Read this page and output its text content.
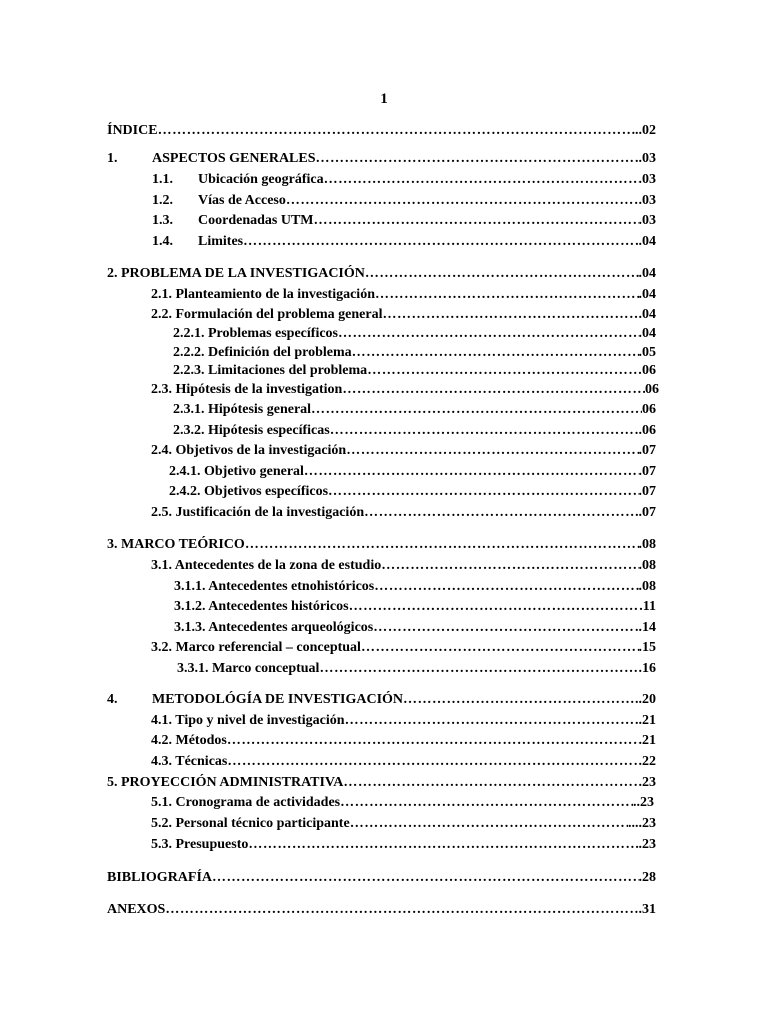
1
ÍNDICE …………………………………………………………………………………………………………………………………………………………………………………………………	..02
1.	ASPECTOS GENERALES …………………………………………………………………………………………………………………………………………………………………………………………………	..03
1.1.	Ubicación geográfica …………………………………………………………………………………………………………………………………………………………………………………………………	.03
1.2.	Vías de Acceso …………………………………………………………………………………………………………………………………………………………………………………………………	.03
1.3.	Coordenadas UTM …………………………………………………………………………………………………………………………………………………………………………………………………	.03
1.4.	Limites …………………………………………………………………………………………………………………………………………………………………………………………………	.04
2. PROBLEMA DE LA INVESTIGACIÓN …………………………………………………………………………………………………………………………………………………………………………………………………	.04
2.1. Planteamiento de la investigación …………………………………………………………………………………………………………………………………………………………………………………………………	.04
2.2. Formulación del problema general …………………………………………………………………………………………………………………………………………………………………………………………………	.04
2.2.1. Problemas específicos …………………………………………………………………………………………………………………………………………………………………………………………………	.04
2.2.2. Definición del problema …………………………………………………………………………………………………………………………………………………………………………………………………	.05
2.2.3. Limitaciones del problema …………………………………………………………………………………………………………………………………………………………………………………………………	06
2.3. Hipótesis de la investigation …………………………………………………………………………………………………………………………………………………………………………………………………	06
2.3.1. Hipótesis general …………………………………………………………………………………………………………………………………………………………………………………………………	06
2.3.2. Hipótesis específicas …………………………………………………………………………………………………………………………………………………………………………………………………	.06
2.4. Objetivos de la investigación …………………………………………………………………………………………………………………………………………………………………………………………………	.07
2.4.1. Objetivo general …………………………………………………………………………………………………………………………………………………………………………………………………	.07
2.4.2. Objetivos específicos …………………………………………………………………………………………………………………………………………………………………………………………………	.07
2.5. Justificación de la investigación …………………………………………………………………………………………………………………………………………………………………………………………………	.07
3. MARCO TEÓRICO …………………………………………………………………………………………………………………………………………………………………………………………………	.08
3.1. Antecedentes de la zona de estudio …………………………………………………………………………………………………………………………………………………………………………………………………	.08
3.1.1. Antecedentes etnohistóricos …………………………………………………………………………………………………………………………………………………………………………………………………	.08
3.1.2. Antecedentes históricos …………………………………………………………………………………………………………………………………………………………………………………………………	.11
3.1.3. Antecedentes arqueológicos …………………………………………………………………………………………………………………………………………………………………………………………………	..14
3.2. Marco referencial – conceptual …………………………………………………………………………………………………………………………………………………………………………………………………	.15
3.3.1. Marco conceptual …………………………………………………………………………………………………………………………………………………………………………………………………	.16
4.	METODOLÓGÍA DE INVESTIGACIÓN …………………………………………………………………………………………………………………………………………………………………………………………………	..20
4.1. Tipo y nivel de investigación …………………………………………………………………………………………………………………………………………………………………………………………………	..21
4.2. Métodos …………………………………………………………………………………………………………………………………………………………………………………………………	.21
4.3. Técnicas …………………………………………………………………………………………………………………………………………………………………………………………………	.22
5. PROYECCIÓN ADMINISTRATIVA …………………………………………………………………………………………………………………………………………………………………………………………………	.23
5.1. Cronograma de actividades …………………………………………………………………………………………………………………………………………………………………………………………………	..23
5.2. Personal técnico participante …………………………………………………………………………………………………………………………………………………………………………………………………	....23
5.3. Presupuesto …………………………………………………………………………………………………………………………………………………………………………………………………	.23
BIBLIOGRAFÍA …………………………………………………………………………………………………………………………………………………………………………………………………	.28
ANEXOS …………………………………………………………………………………………………………………………………………………………………………………………………	.31
